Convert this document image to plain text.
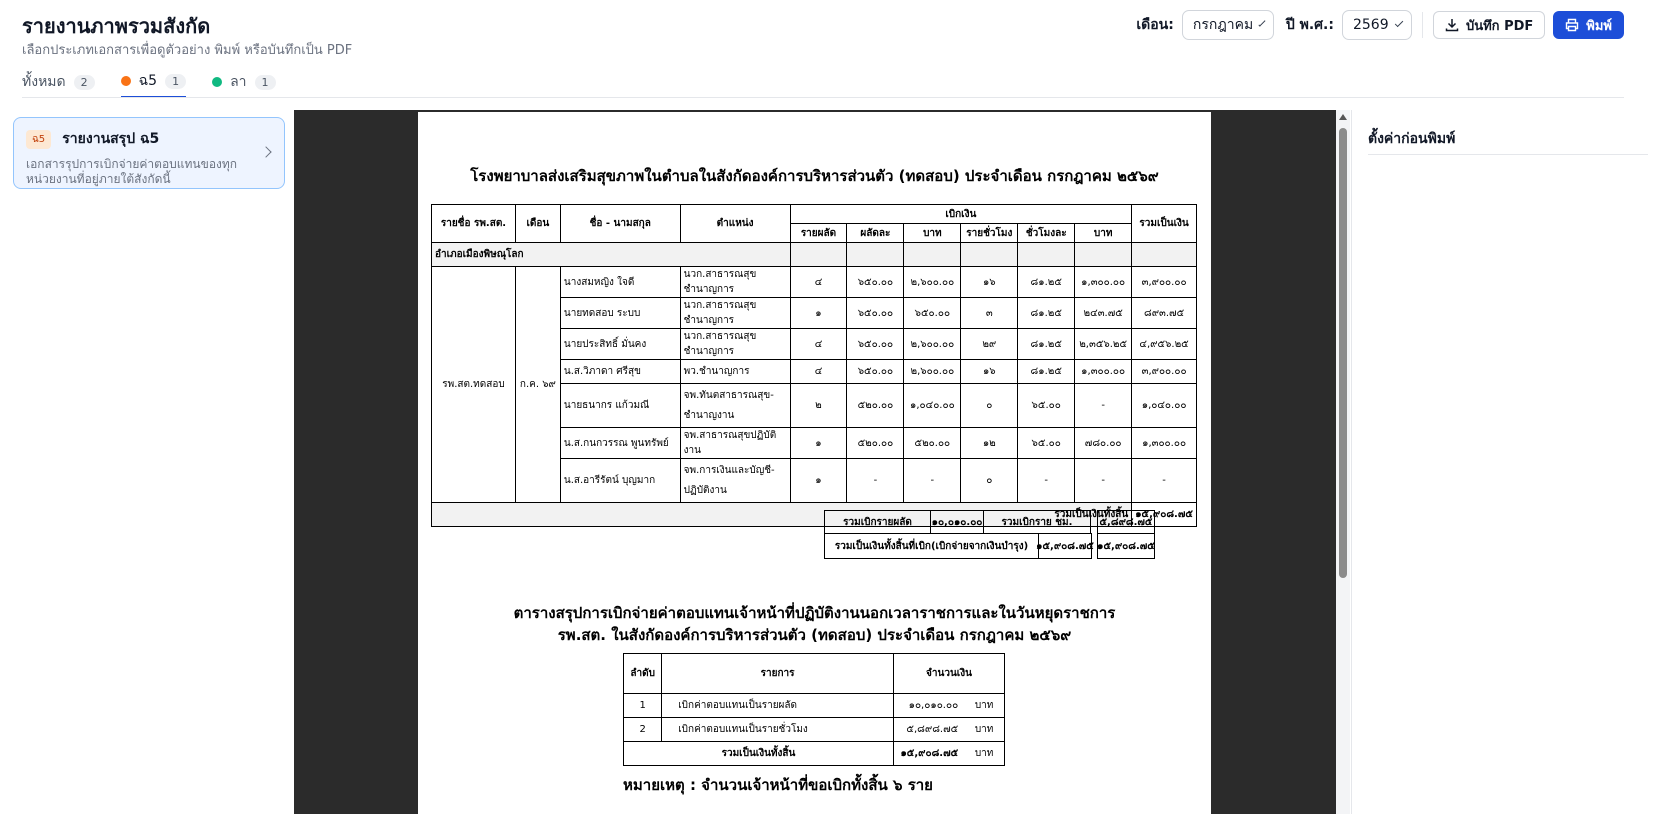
รายงานภาพรวมสังกัด
เลือกประเภทเอกสารเพื่อดูตัวอย่าง พิมพ์ หรือบันทึกเป็น PDF
เดือน: กรกฎาคม ปี พ.ศ.: 2569	บันทึก PDF	พิมพ์
ทั้งหมด	2	ฉ5	1	ลา	1
ฉ5 รายงานสรุป ฉ5
เอกสารรุปการเบิกจ่ายค่าตอบแทนของทุกหน่วยงานที่อยู่ภายใต้สังกัดนี้	โรงพยาบาลส่งเสริมสุขภาพในตำบลในสังกัดองค์การบริหารส่วนตัว (ทดสอบ) ประจำเดือน กรกฎาคม ๒๕๖๙
รายชื่อ รพ.สต.	เดือน	ชื่อ - นามสกุล	ตำแหน่ง	เบิกเงิน						รวมเป็นเงิน
				รายผลัด	ผลัดละ	บาท	รายชั่วโมง	ชั่วโมงละ	บาท	
อำเภอเมืองพิษณุโลก										
รพ.สต.ทดสอบ	ก.ค. ๖๙	นางสมหญิง ใจดี	นวก.สาธารณสุขชำนาญการ	๔	๖๕๐.๐๐	๒,๖๐๐.๐๐	๑๖	๘๑.๒๕	๑,๓๐๐.๐๐	๓,๙๐๐.๐๐
		นายทดสอบ ระบบ	นวก.สาธารณสุขชำนาญการ	๑	๖๕๐.๐๐	๖๕๐.๐๐	๓	๘๑.๒๕	๒๔๓.๗๕	๘๙๓.๗๕
		นายประสิทธิ์ มั่นคง	นวก.สาธารณสุขชำนาญการ	๔	๖๕๐.๐๐	๒,๖๐๐.๐๐	๒๙	๘๑.๒๕	๒,๓๕๖.๒๕	๔,๙๕๖.๒๕
		น.ส.วิภาดา ศรีสุข	พว.ชำนาญการ	๔	๖๕๐.๐๐	๒,๖๐๐.๐๐	๑๖	๘๑.๒๕	๑,๓๐๐.๐๐	๓,๙๐๐.๐๐
		นายธนากร แก้วมณี	จพ.ทันตสาธารณสุข-ชำนาญงาน	๒	๕๒๐.๐๐	๑,๐๔๐.๐๐	๐	๖๕.๐๐	-	๑,๐๔๐.๐๐
		น.ส.กนกวรรณ พูนทรัพย์	จพ.สาธารณสุขปฏิบัติงาน	๑	๕๒๐.๐๐	๕๒๐.๐๐	๑๒	๖๕.๐๐	๗๘๐.๐๐	๑,๓๐๐.๐๐
		น.ส.อารีรัตน์ บุญมาก	จพ.การเงินและบัญชี-ปฏิบัติงาน	๑	-	-	๐	-	-	-
รวมเป็นเงินทั้งสิ้น										๑๕,๙๐๘.๗๕
รวมเบิกรายผลัด	๑๐,๐๑๐.๐๐	รวมเบิกราย ชม.	๕,๘๙๘.๗๕
รวมเป็นเงินทั้งสิ้นที่เบิก(เบิกจ่ายจากเงินบำรุง) ๑๕,๙๐๘.๗๕ ๑๕,๙๐๘.๗๕
ตารางสรุปการเบิกจ่ายค่าตอบแทนเจ้าหน้าที่ปฏิบัติงานนอกเวลาราชการและในวันหยุดราชการ
รพ.สต. ในสังกัดองค์การบริหารส่วนตัว (ทดสอบ) ประจำเดือน กรกฎาคม ๒๕๖๙
ลำดับ	รายการ	จำนวนเงิน	
1	เบิกค่าตอบแทนเป็นรายผลัด	๑๐,๐๑๐.๐๐	บาท
2	เบิกค่าตอบแทนเป็นรายชั่วโมง	๕,๘๙๘.๗๕	บาท
รวมเป็นเงินทั้งสิ้น		๑๕,๙๐๘.๗๕	บาท
หมายเหตุ : จำนวนเจ้าหน้าที่ขอเบิกทั้งสิ้น ๖ ราย
ตั้งค่าก่อนพิมพ์
